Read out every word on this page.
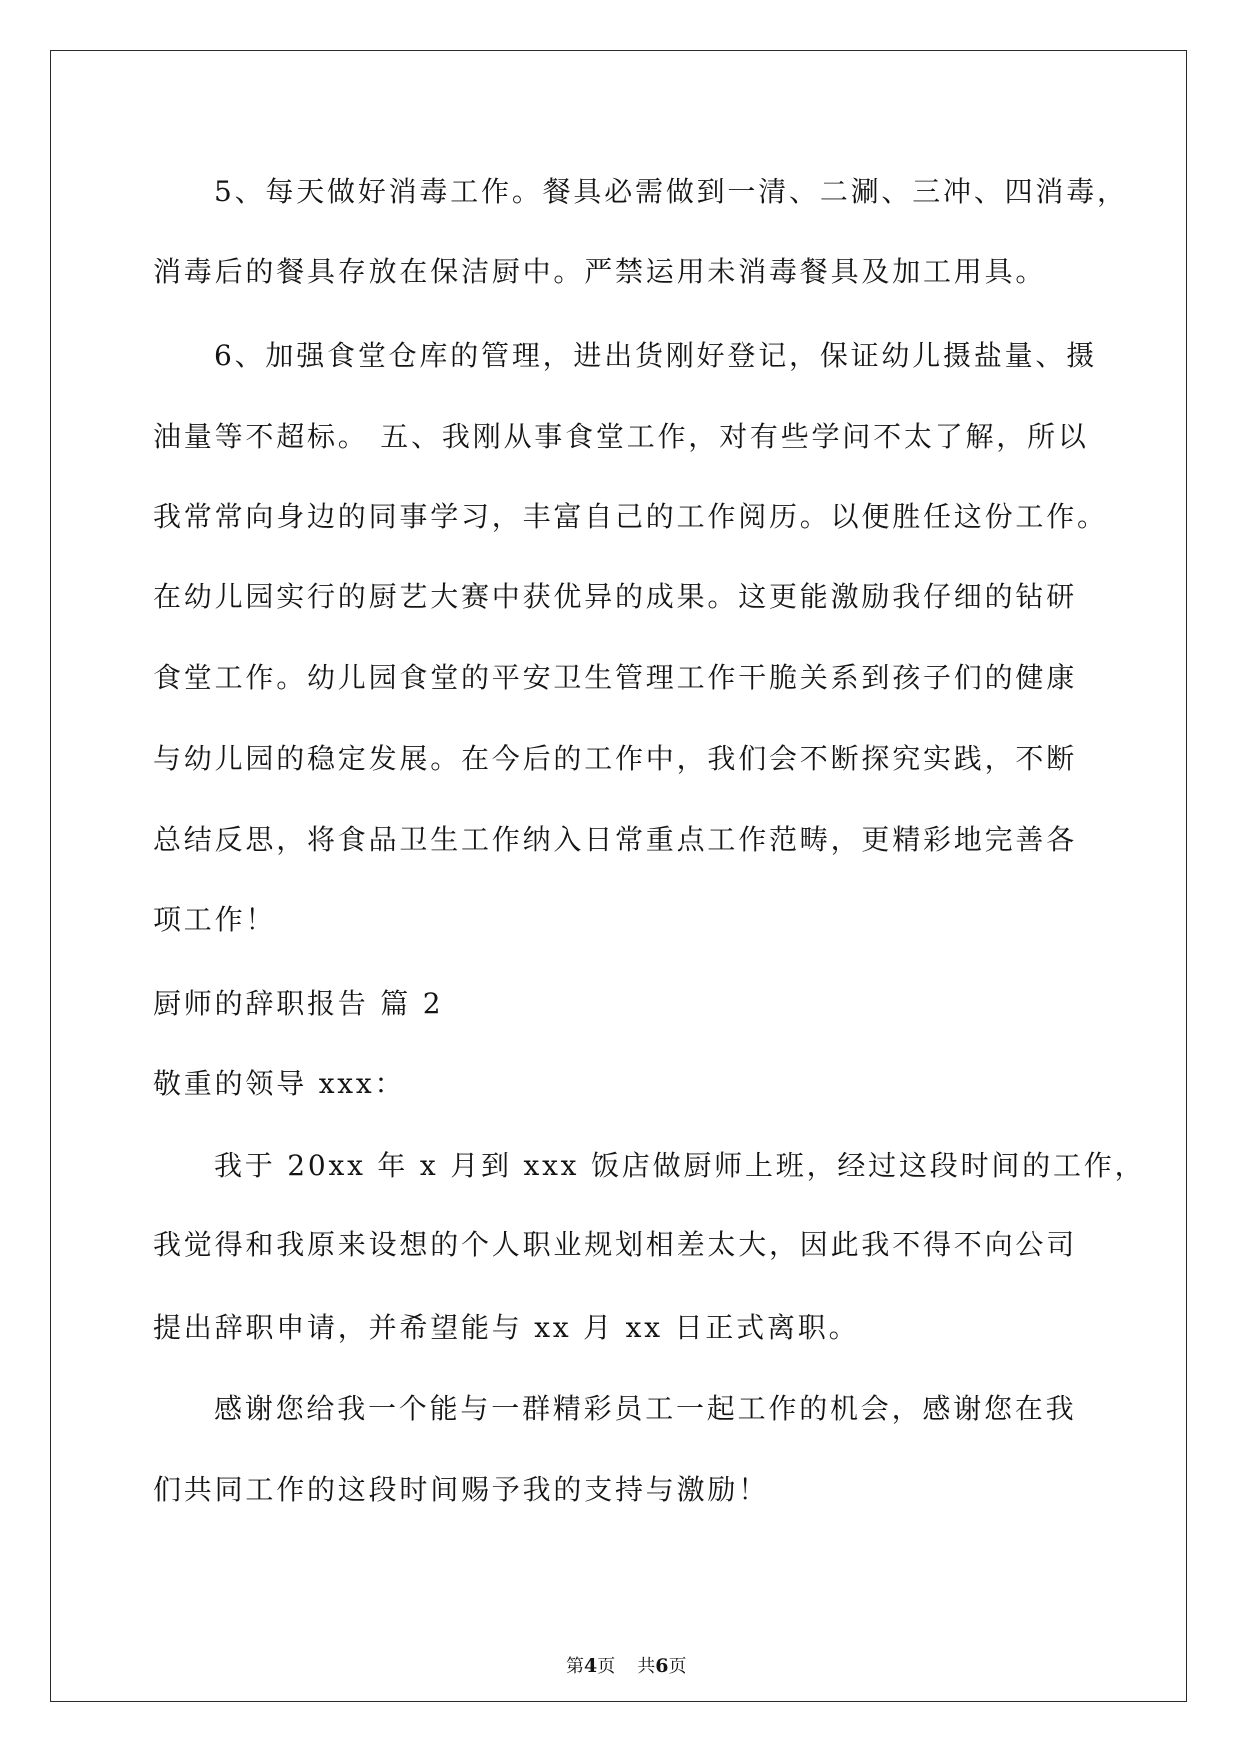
5、每天做好消毒工作。餐具必需做到一清、二涮、三冲、四消毒，
消毒后的餐具存放在保洁厨中。严禁运用未消毒餐具及加工用具。
6、加强食堂仓库的管理，进出货刚好登记，保证幼儿摄盐量、摄
油量等不超标。 五、我刚从事食堂工作，对有些学问不太了解，所以
我常常向身边的同事学习，丰富自己的工作阅历。以便胜任这份工作。
在幼儿园实行的厨艺大赛中获优异的成果。这更能激励我仔细的钻研
食堂工作。幼儿园食堂的平安卫生管理工作干脆关系到孩子们的健康
与幼儿园的稳定发展。在今后的工作中，我们会不断探究实践，不断
总结反思，将食品卫生工作纳入日常重点工作范畴，更精彩地完善各
项工作！
厨师的辞职报告 篇 2
敬重的领导 xxx：
我于 20xx 年 x 月到 xxx 饭店做厨师上班，经过这段时间的工作，
我觉得和我原来设想的个人职业规划相差太大，因此我不得不向公司
提出辞职申请，并希望能与 xx 月 xx 日正式离职。
感谢您给我一个能与一群精彩员工一起工作的机会，感谢您在我
们共同工作的这段时间赐予我的支持与激励！

第4页 共6页
